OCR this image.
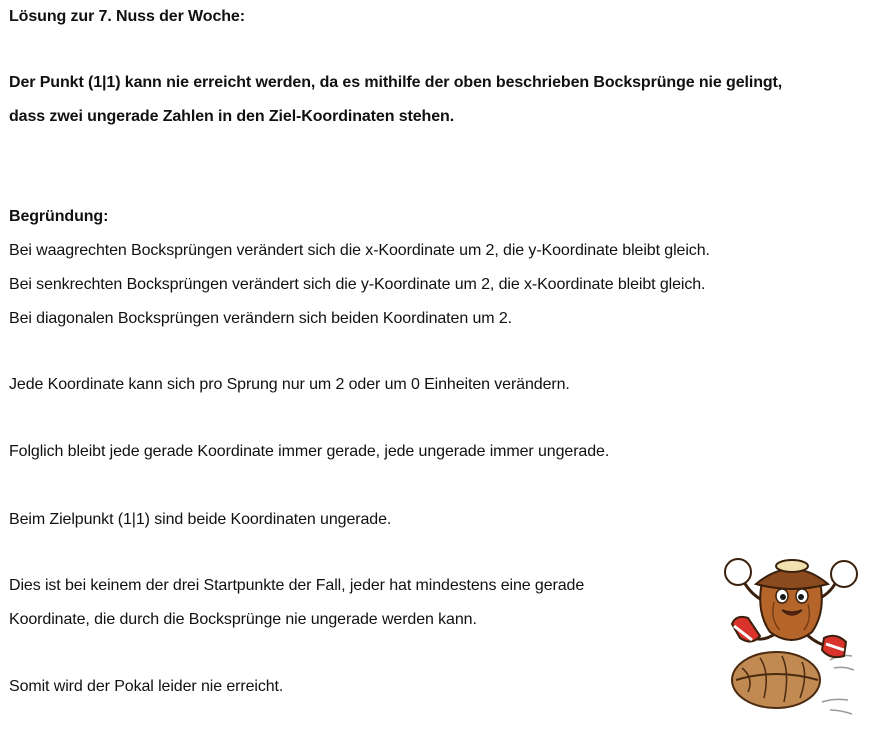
Lösung zur 7. Nuss der Woche:
Der Punkt (1|1) kann nie erreicht werden, da es mithilfe der oben beschrieben Bocksprünge nie gelingt,
dass zwei ungerade Zahlen in den Ziel-Koordinaten stehen.
Begründung:
Bei waagrechten Bocksprüngen verändert sich die x-Koordinate um 2, die y-Koordinate bleibt gleich.
Bei senkrechten Bocksprüngen verändert sich die y-Koordinate um 2, die x-Koordinate bleibt gleich.
Bei diagonalen Bocksprüngen verändern sich beiden Koordinaten um 2.
Jede Koordinate kann sich pro Sprung nur um 2 oder um 0 Einheiten verändern.
Folglich bleibt jede gerade Koordinate immer gerade, jede ungerade immer ungerade.
Beim Zielpunkt (1|1) sind beide Koordinaten ungerade.
Dies ist bei keinem der drei Startpunkte der Fall, jeder hat mindestens eine gerade
Koordinate, die durch die Bocksprünge nie ungerade werden kann.
Somit wird der Pokal leider nie erreicht.
